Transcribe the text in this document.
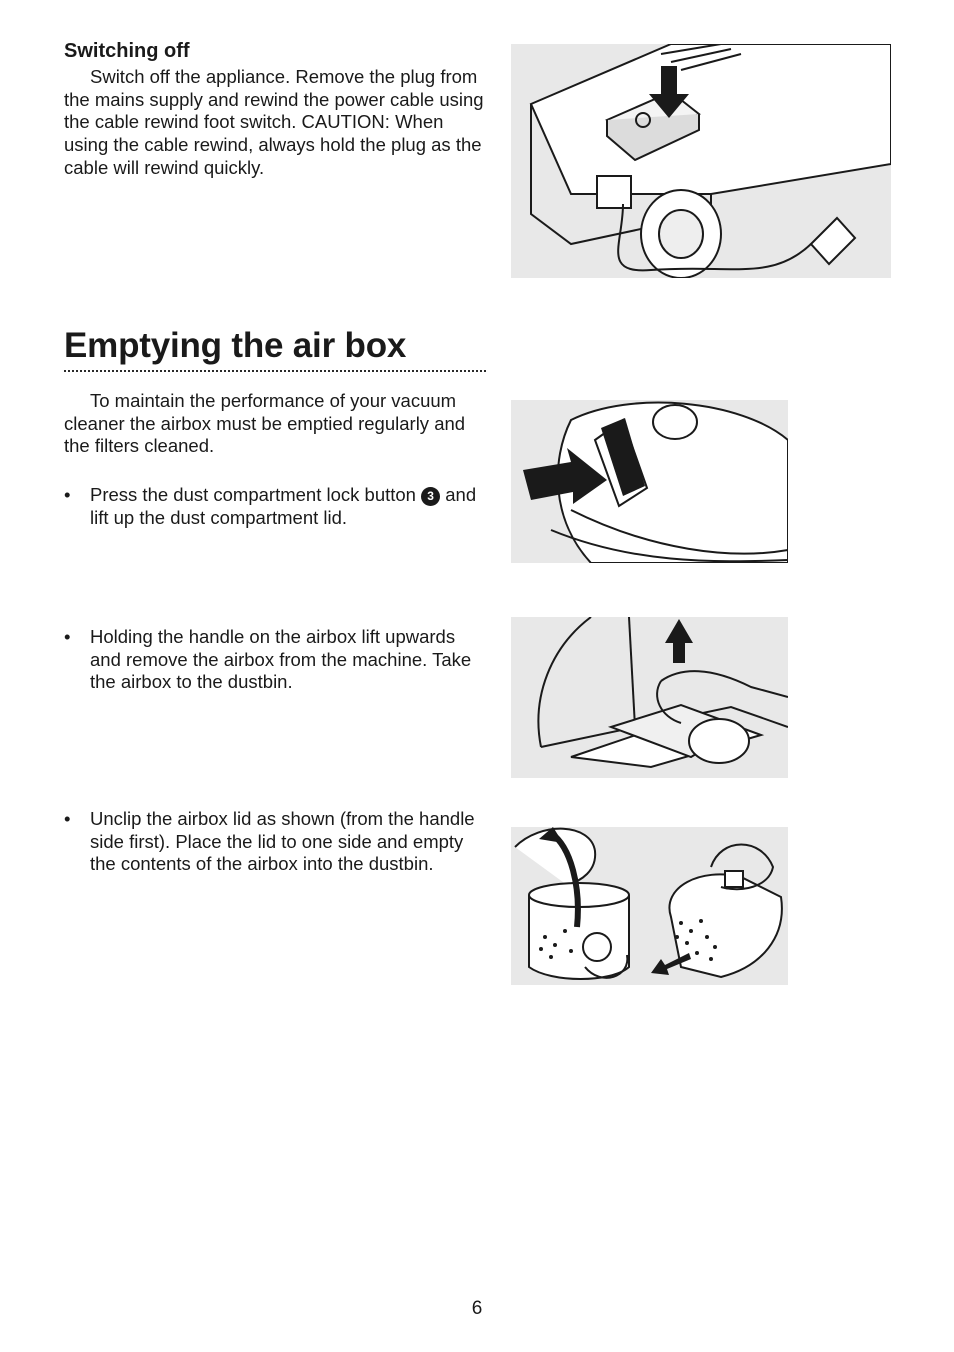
Switching off

Switch off the appliance. Remove the plug from the mains supply and rewind the power cable using the cable rewind foot switch. CAUTION: When using the cable rewind, always hold the plug as the cable will rewind quickly.

Emptying the air box

To maintain the performance of your vacuum cleaner the airbox must be emptied regularly and the filters cleaned.

• Press the dust compartment lock button 3 and lift up the dust compartment lid.

• Holding the handle on the airbox lift upwards and remove the airbox from the machine. Take the airbox to the dustbin.

• Unclip the airbox lid as shown (from the handle side first). Place the lid to one side and empty the contents of the airbox into the dustbin.

6
